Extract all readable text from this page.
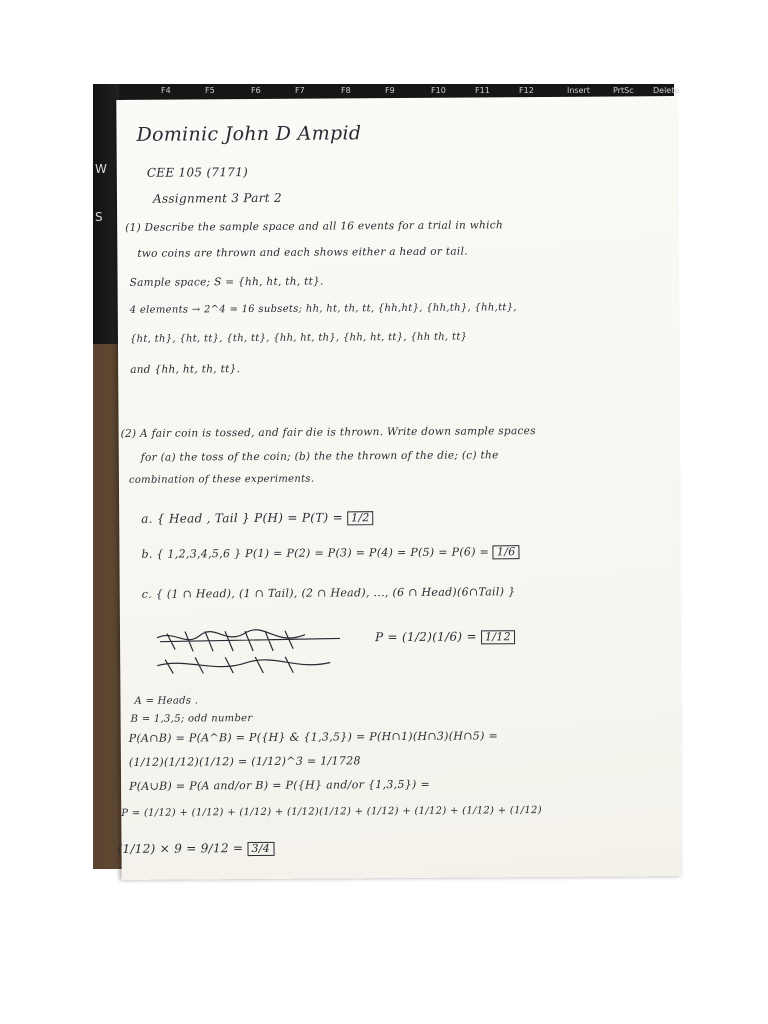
F4	F5	F6	F7	F8	F9	F10	F11	F12	Insert	PrtSc Delete
W
S
Dominic John D Ampid
CEE 105 (7171)
Assignment 3 Part 2
(1) Describe the sample space and all 16 events for a trial in which
two coins are thrown and each shows either a head or tail.
Sample space; S = {hh, ht, th, tt}.
4 elements → 2^4 = 16 subsets; hh, ht, th, tt, {hh,ht}, {hh,th}, {hh,tt},
{ht, th}, {ht, tt}, {th, tt}, {hh, ht, th}, {hh, ht, tt}, {hh th, tt}
and {hh, ht, th, tt}.
(2) A fair coin is tossed, and fair die is thrown. Write down sample spaces
for (a) the toss of the coin; (b) the the thrown of the die; (c) the
combination of these experiments.
a. { Head , Tail } P(H) = P(T) = 1/2
b. { 1,2,3,4,5,6 } P(1) = P(2) = P(3) = P(4) = P(5) = P(6) = 1/6
c. { (1 ∩ Head), (1 ∩ Tail), (2 ∩ Head), ..., (6 ∩ Head)(6∩Tail) }
P = (1/2)(1/6) = 1/12
A = Heads .
B = 1,3,5; odd number
P(A∩B) = P(A^B) = P({H} & {1,3,5}) = P(H∩1)(H∩3)(H∩5) =
(1/12)(1/12)(1/12) = (1/12)^3 = 1/1728
P(A∪B) = P(A and/or B) = P({H} and/or {1,3,5}) =
P = (1/12) + (1/12) + (1/12) + (1/12)(1/12) + (1/12) + (1/12) + (1/12) + (1/12)
(1/12) × 9 = 9/12 = 3/4
